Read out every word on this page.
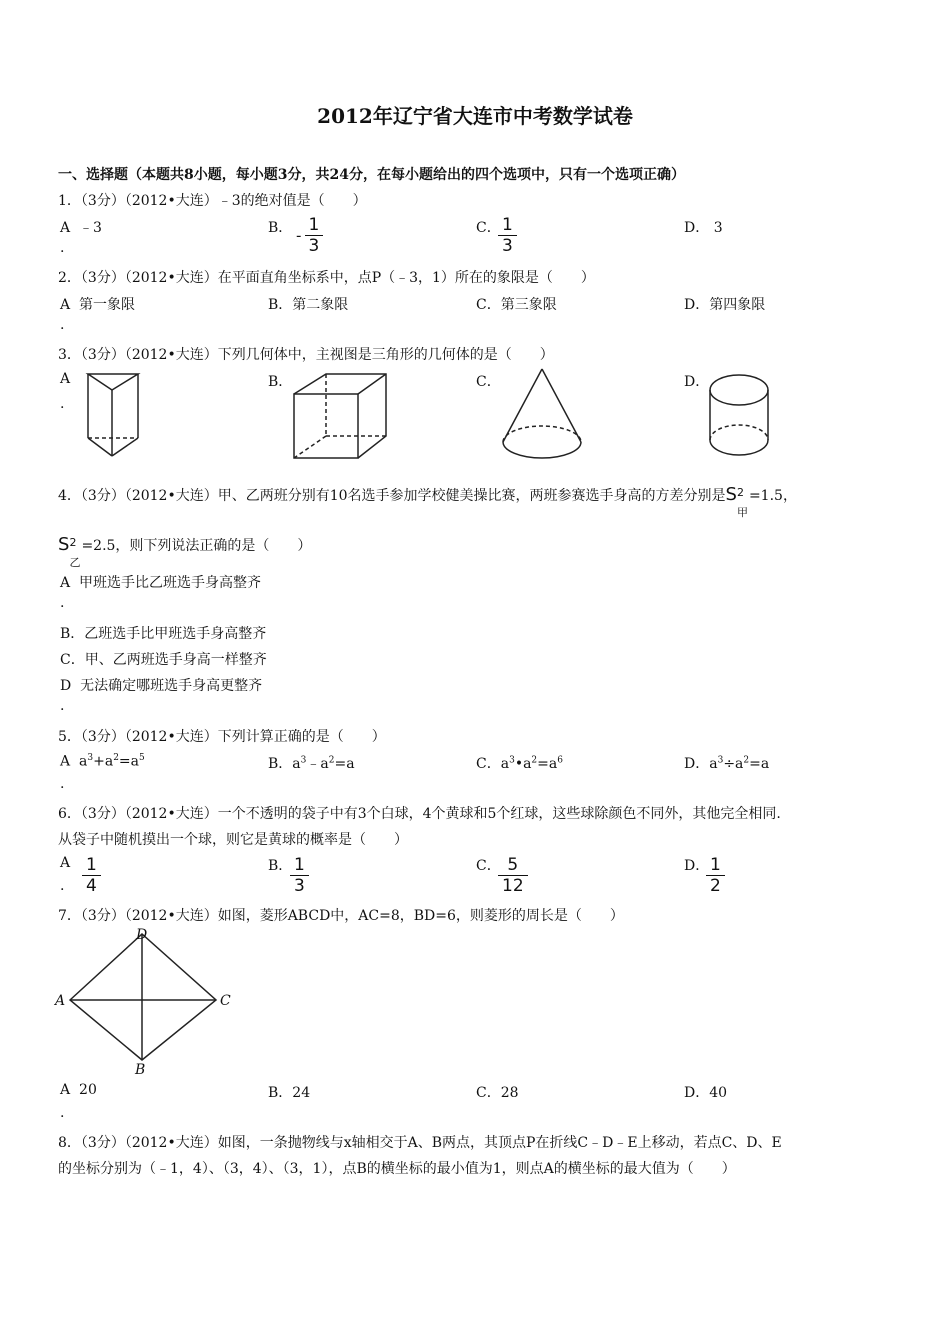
2012年辽宁省大连市中考数学试卷
一、选择题（本题共8小题，每小题3分，共24分，在每小题给出的四个选项中，只有一个选项正确）
1．（3分）（2012•大连）﹣3的绝对值是（　　）
A ﹣3
.
B． - $\frac{1}{3}$	C． $\frac{1}{3}$	D． 3
2．（3分）（2012•大连）在平面直角坐标系中，点P（﹣3，1）所在的象限是（　　）
A 第一象限
.
B．第二象限	C．第三象限	D．第四象限
3．（3分）（2012•大连）下列几何体中，主视图是三角形的几何体的是（　　）
A
.
B．	C．	D．
4．（3分）（2012•大连）甲、乙两班分别有10名选手参加学校健美操比赛，两班参赛选手身高的方差分别是S 2
甲
=1.5，
S 2
乙
=2.5，则下列说法正确的是（　　）
A 甲班选手比乙班选手身高整齐
.
B．乙班选手比甲班选手身高整齐
C．甲、乙两班选手身高一样整齐
D 无法确定哪班选手身高更整齐
.
5．（3分）（2012•大连）下列计算正确的是（　　）
A  $a^3+a^2=a^5$
.
B．$a^3﹣a^2=a$	C．$a^3•a^2=a^6$	D．$a^3\div a^2=a$
6．（3分）（2012•大连）一个不透明的袋子中有3个白球，4个黄球和5个红球，这些球除颜色不同外，其他完全相同.
从袋子中随机摸出一个球，则它是黄球的概率是（　　）
A
. $\frac{1}{4}$	B． $\frac{1}{3}$	C． $\frac{5}{12}$	D．
$\frac{1}{2}$
7．（3分）（2012•大连）如图，菱形ABCD中，AC=8，BD=6，则菱形的周长是（　　）
A	C
D
B
A 20
.
B．24	C．28	D．40
8．（3分）（2012•大连）如图，一条抛物线与x轴相交于A、B两点，其顶点P在折线C﹣D﹣E上移动，若点C、D、E
的坐标分别为（﹣1，4）、（3，4）、（3，1），点B的横坐标的最小值为1，则点A的横坐标的最大值为（　　）
